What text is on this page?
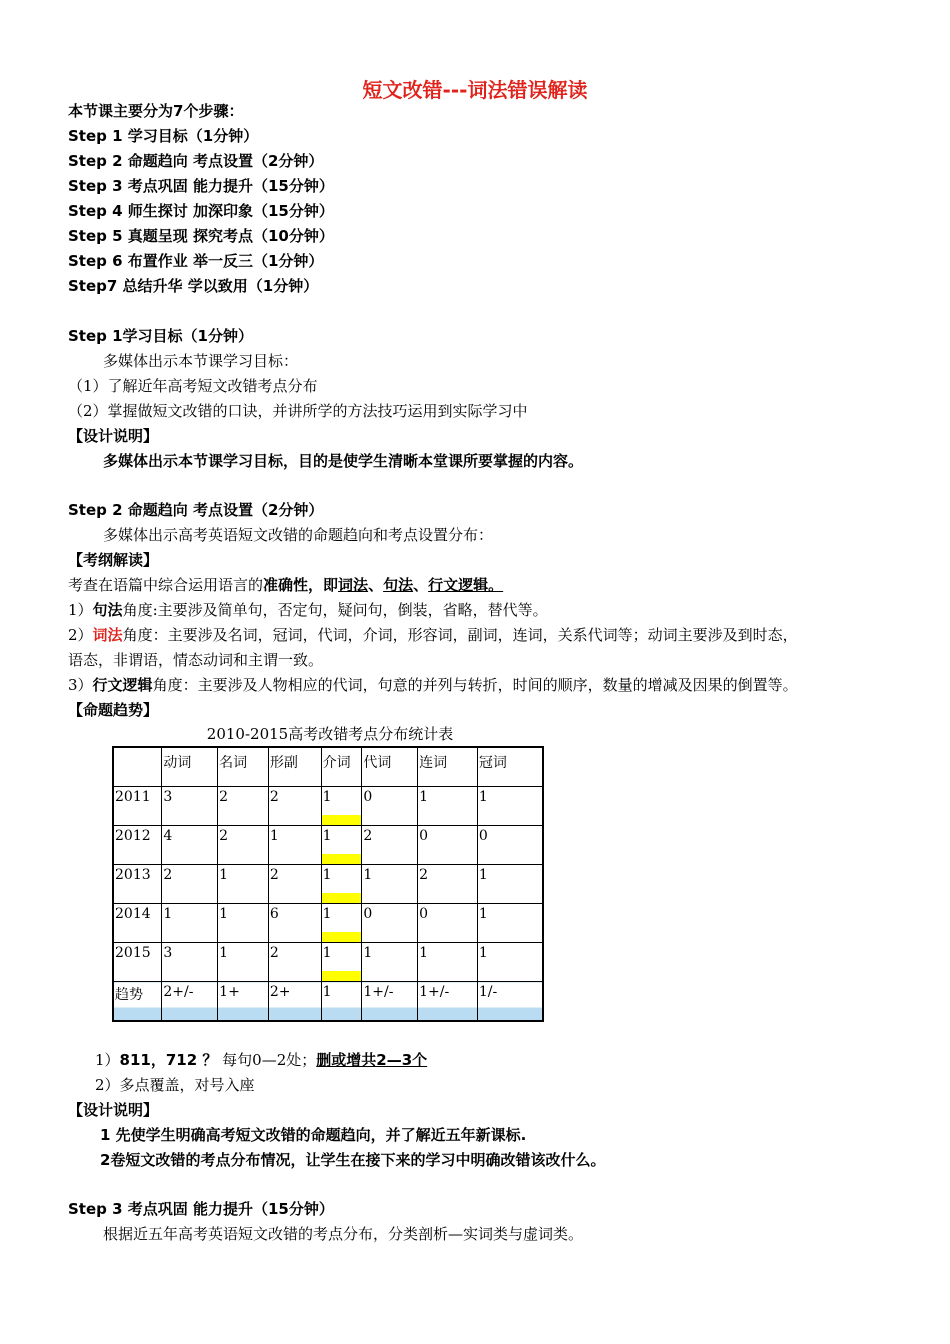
短文改错---词法错误解读
本节课主要分为7个步骤：
Step 1 学习目标（1分钟）
Step 2 命题趋向 考点设置（2分钟）
Step 3 考点巩固 能力提升（15分钟）
Step 4 师生探讨 加深印象（15分钟）
Step 5 真题呈现 探究考点（10分钟）
Step 6 布置作业 举一反三（1分钟）
Step7 总结升华 学以致用（1分钟）
Step 1学习目标（1分钟）
多媒体出示本节课学习目标：
（1）了解近年高考短文改错考点分布
（2）掌握做短文改错的口诀，并讲所学的方法技巧运用到实际学习中
【设计说明】
多媒体出示本节课学习目标，目的是使学生清晰本堂课所要掌握的内容。
Step 2 命题趋向 考点设置（2分钟）
多媒体出示高考英语短文改错的命题趋向和考点设置分布：
【考纲解读】
考查在语篇中综合运用语言的准确性，即词法、句法、行文逻辑。
1）句法角度:主要涉及简单句，否定句，疑问句，倒装，省略，替代等。
2）词法角度：主要涉及名词，冠词，代词，介词，形容词，副词，连词，关系代词等；动词主要涉及到时态，
语态，非谓语，情态动词和主谓一致。
3）行文逻辑角度：主要涉及人物相应的代词，句意的并列与转折，时间的顺序，数量的增减及因果的倒置等。
【命题趋势】
2010-2015高考改错考点分布统计表
	动词	名词	形副	介词	代词	连词	冠词
2011	3	2	2	1	0	1	1
2012	4	2	1	1	2	0	0
2013	2	1	2	1	1	2	1
2014	1	1	6	1	0	0	1
2015	3	1	2	1	1	1	1
趋势	2+/-	1+	2+	1	1+/-	1+/-	1/-
1）811，712 ？ 每句0—2处；删或增共2—3个
2）多点覆盖，对号入座
【设计说明】
1 先使学生明确高考短文改错的命题趋向，并了解近五年新课标.
2卷短文改错的考点分布情况，让学生在接下来的学习中明确改错该改什么。
Step 3 考点巩固 能力提升（15分钟）
根据近五年高考英语短文改错的考点分布，分类剖析—实词类与虚词类。
